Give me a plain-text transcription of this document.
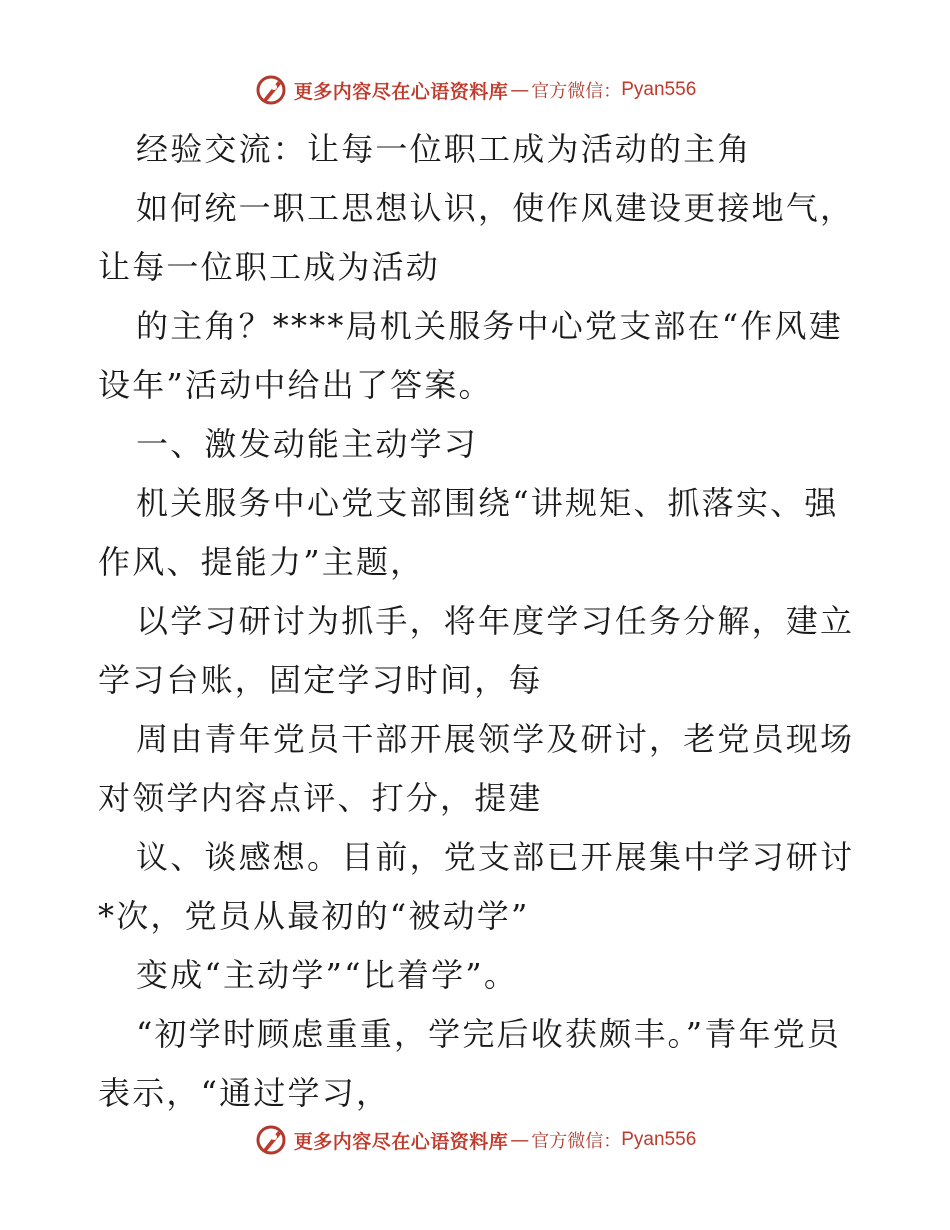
更多内容尽在心语资料库 — 官方微信： Pyan556

经验交流：让每一位职工成为活动的主角

如何统一职工思想认识，使作风建设更接地气，让每一位职工成为活动

的主角？****局机关服务中心党支部在“作风建设年”活动中给出了答案。

一、激发动能主动学习

机关服务中心党支部围绕“讲规矩、抓落实、强作风、提能力”主题，

以学习研讨为抓手，将年度学习任务分解，建立学习台账，固定学习时间，每

周由青年党员干部开展领学及研讨，老党员现场对领学内容点评、打分，提建

议、谈感想。目前，党支部已开展集中学习研讨*次，党员从最初的“被动学”

变成“主动学”“比着学”。

“初学时顾虑重重，学完后收获颇丰。”青年党员表示，“通过学习，

更多内容尽在心语资料库 — 官方微信： Pyan556
